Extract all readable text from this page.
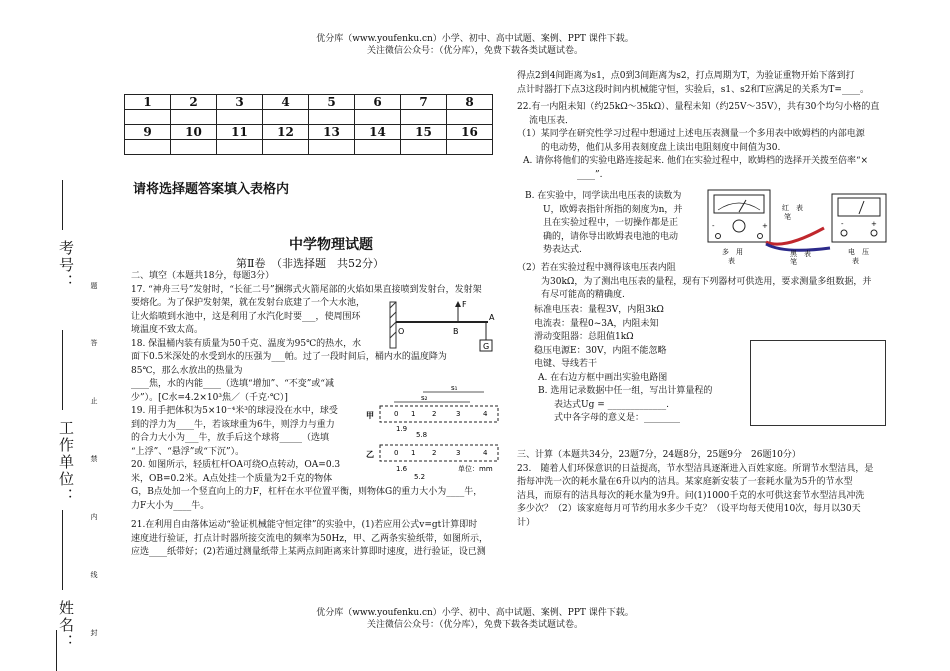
优分库（www.youfenku.cn）小学、初中、高中试题、案例、PPT 课件下载。
关注微信公众号：（优分库），免费下载各类试题试卷。
考号：
工作单位：
姓名：
题
答
止
禁
内
线
封
1	2	3	4	5	6	7	8

9	10	11	12	13	14	15	16

请将选择题答案填入表格内
中学物理试题
第Ⅱ卷　（非选择题　共52分）
二、填空（本题共18分，每题3分）
17. “神舟三号”发射时，“长征二号”捆绑式火箭尾部的火焰如果直接喷到发射台，发射架
要熔化。为了保护发射架，就在发射台底建了一个大水池，
让火焰喷到水池中，这是利用了水汽化时要___，使周围环
境温度不致太高。
18. 保温桶内装有质量为50千克、温度为95℃的热水，水
面下0.5米深处的水受到水的压强为___帕。过了一段时间后，桶内水的温度降为
85℃，那么水放出的热量为
____焦，水的内能____（选填“增加”、“不变”或“减
少”）。[C水=4.2×10³焦／（千克·℃）]
19. 用手把体积为5×10⁻⁴米³的球浸没在水中，球受
到的浮力为____牛，若该球重为6牛，则浮力与重力
的合力大小为___牛，放手后这个球将_____（选填
“上浮”、“悬浮”或“下沉”）。
20. 如图所示，轻质杠杆OA可绕O点转动，OA=0.3
米，OB=0.2米。A点处挂一个质量为2千克的物体
G，B点处加一个竖直向上的力F，杠杆在水平位置平衡，则物体G的重力大小为____牛，
力F大小为____牛。
21.在利用自由落体运动“验证机械能守恒定律”的实验中，(1)若应用公式v=gt计算即时
速度进行验证，打点计时器所接交流电的频率为50Hz，甲、乙两条实验纸带，如图所示，
应选____纸带好；(2)若通过测量纸带上某两点间距离来计算即时速度，进行验证，设已测
F
O	B
A
G
s₁
s₂
甲	0 1 2	3	4
1.9
5.8
乙	0 1 2	3	4
1.6
5.2
单位：mm
得点2到4间距离为s1，点0到3间距离为s2，打点周期为T，为验证重物开始下落到打
点计时器打下点3这段时间内机械能守恒，实验后，s1、s2和T应满足的关系为T=____。
22.有一内阻未知（约25kΩ～35kΩ）、量程未知（约25V～35V），共有30个均匀小格的直
流电压表．
（1）某同学在研究性学习过程中想通过上述电压表测量一个多用表中欧姆档的内部电源
的电动势，他们从多用表刻度盘上读出电阻刻度中间值为30.
A. 请你将他们的实验电路连接起来. 他们在实验过程中，欧姆档的选择开关拨至倍率“×
____”.
B. 在实验中，同学读出电压表的读数为
U，欧姆表指针所指的刻度为n，并
且在实验过程中，一切操作都是正
确的，请你导出欧姆表电池的电动
势表达式.
-	+	-	+
红　表
笔
黑　表
笔
多　用
表
电　压
表
（2）若在实验过程中测得该电压表内阻
为30kΩ，为了测出电压表的量程，现有下列器材可供选用，要求测量多组数据，并
有尽可能高的精确度.
标准电压表：量程3V，内阻3kΩ
电流表：量程0~3A，内阻未知
滑动变阻器：总阻值1kΩ
稳压电源E：30V，内阻不能忽略
电键、导线若干
A. 在右边方框中画出实验电路图
B. 选用记录数据中任一组，写出计算量程的
表达式Ug = _____________.
式中各字母的意义是：________
三、计算（本题共34分，23题7分，24题8分，25题9分　26题10分）
23.　随着人们环保意识的日益提高，节水型洁具逐渐进入百姓家庭。所谓节水型洁具，是
指每冲洗一次的耗水量在6升以内的洁具。某家庭新安装了一套耗水量为5升的节水型
洁具，而原有的洁具每次的耗水量为9升。问(1)1000千克的水可供这套节水型洁具冲洗
多少次？（2）该家庭每月可节约用水多少千克？（设平均每天使用10次，每月以30天
计）
优分库（www.youfenku.cn）小学、初中、高中试题、案例、PPT 课件下载。
关注微信公众号：（优分库），免费下载各类试题试卷。
